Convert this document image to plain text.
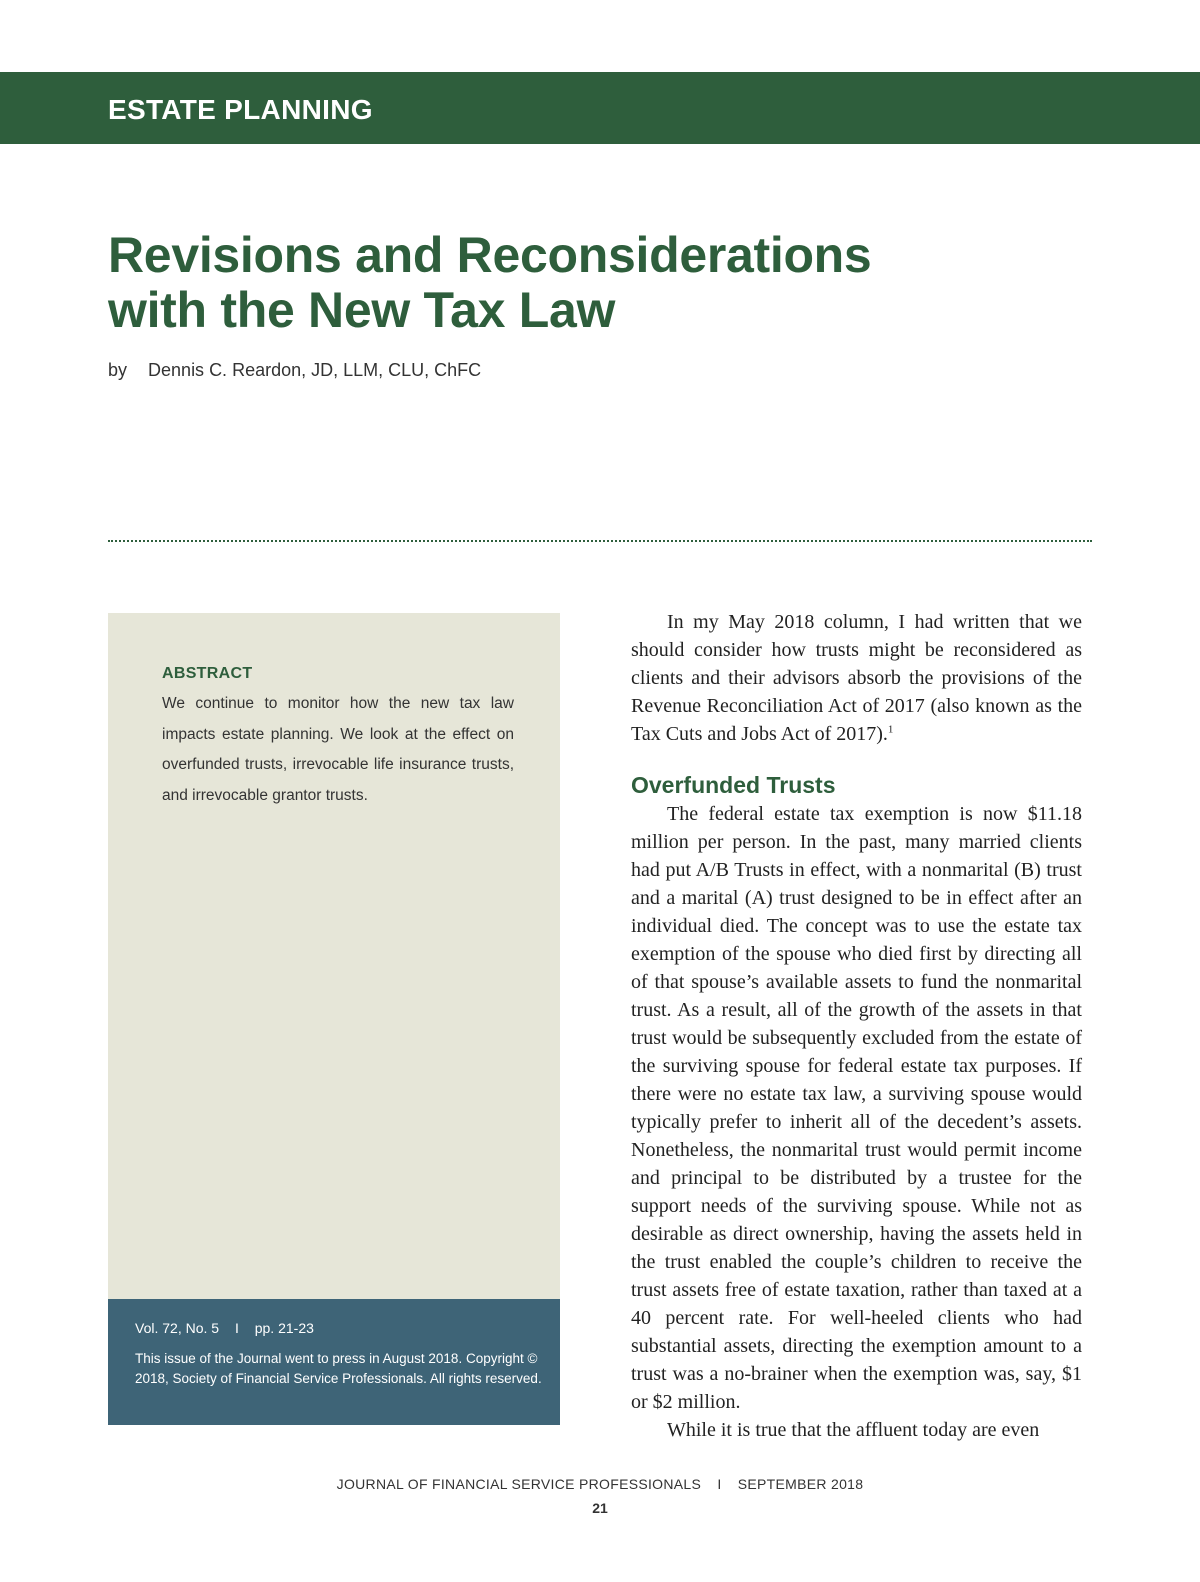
ESTATE PLANNING
Revisions and Reconsiderations
with the New Tax Law
by Dennis C. Reardon, JD, LLM, CLU, ChFC
ABSTRACT
We continue to monitor how the new tax law impacts estate planning. We look at the effect on overfunded trusts, irrevocable life insurance trusts, and irrevocable grantor trusts.
Vol. 72, No. 5 I pp. 21-23
This issue of the Journal went to press in August 2018. Copyright © 2018, Society of Financial Service Professionals. All rights reserved.

In my May 2018 column, I had written that we should consider how trusts might be reconsidered as clients and their advisors absorb the provisions of the Revenue Reconciliation Act of 2017 (also known as the Tax Cuts and Jobs Act of 2017).$^1$

Overfunded Trusts

The federal estate tax exemption is now $11.18 million per person. In the past, many married clients had put A/B Trusts in effect, with a nonmarital (B) trust and a marital (A) trust designed to be in effect after an individual died. The concept was to use the estate tax exemption of the spouse who died first by directing all of that spouse’s available assets to fund the nonmarital trust. As a result, all of the growth of the assets in that trust would be subsequently excluded from the estate of the surviving spouse for federal estate tax purposes. If there were no estate tax law, a surviving spouse would typically prefer to inherit all of the decedent’s assets. Nonetheless, the nonmarital trust would permit income and principal to be distributed by a trustee for the support needs of the surviving spouse. While not as desirable as direct ownership, having the assets held in the trust enabled the couple’s children to receive the trust assets free of estate taxation, rather than taxed at a 40 percent rate. For well-heeled clients who had substantial assets, directing the exemption amount to a trust was a no-brainer when the exemption was, say, $1 or $2 million.

While it is true that the affluent today are even

JOURNAL OF FINANCIAL SERVICE PROFESSIONALS I SEPTEMBER 2018
21
